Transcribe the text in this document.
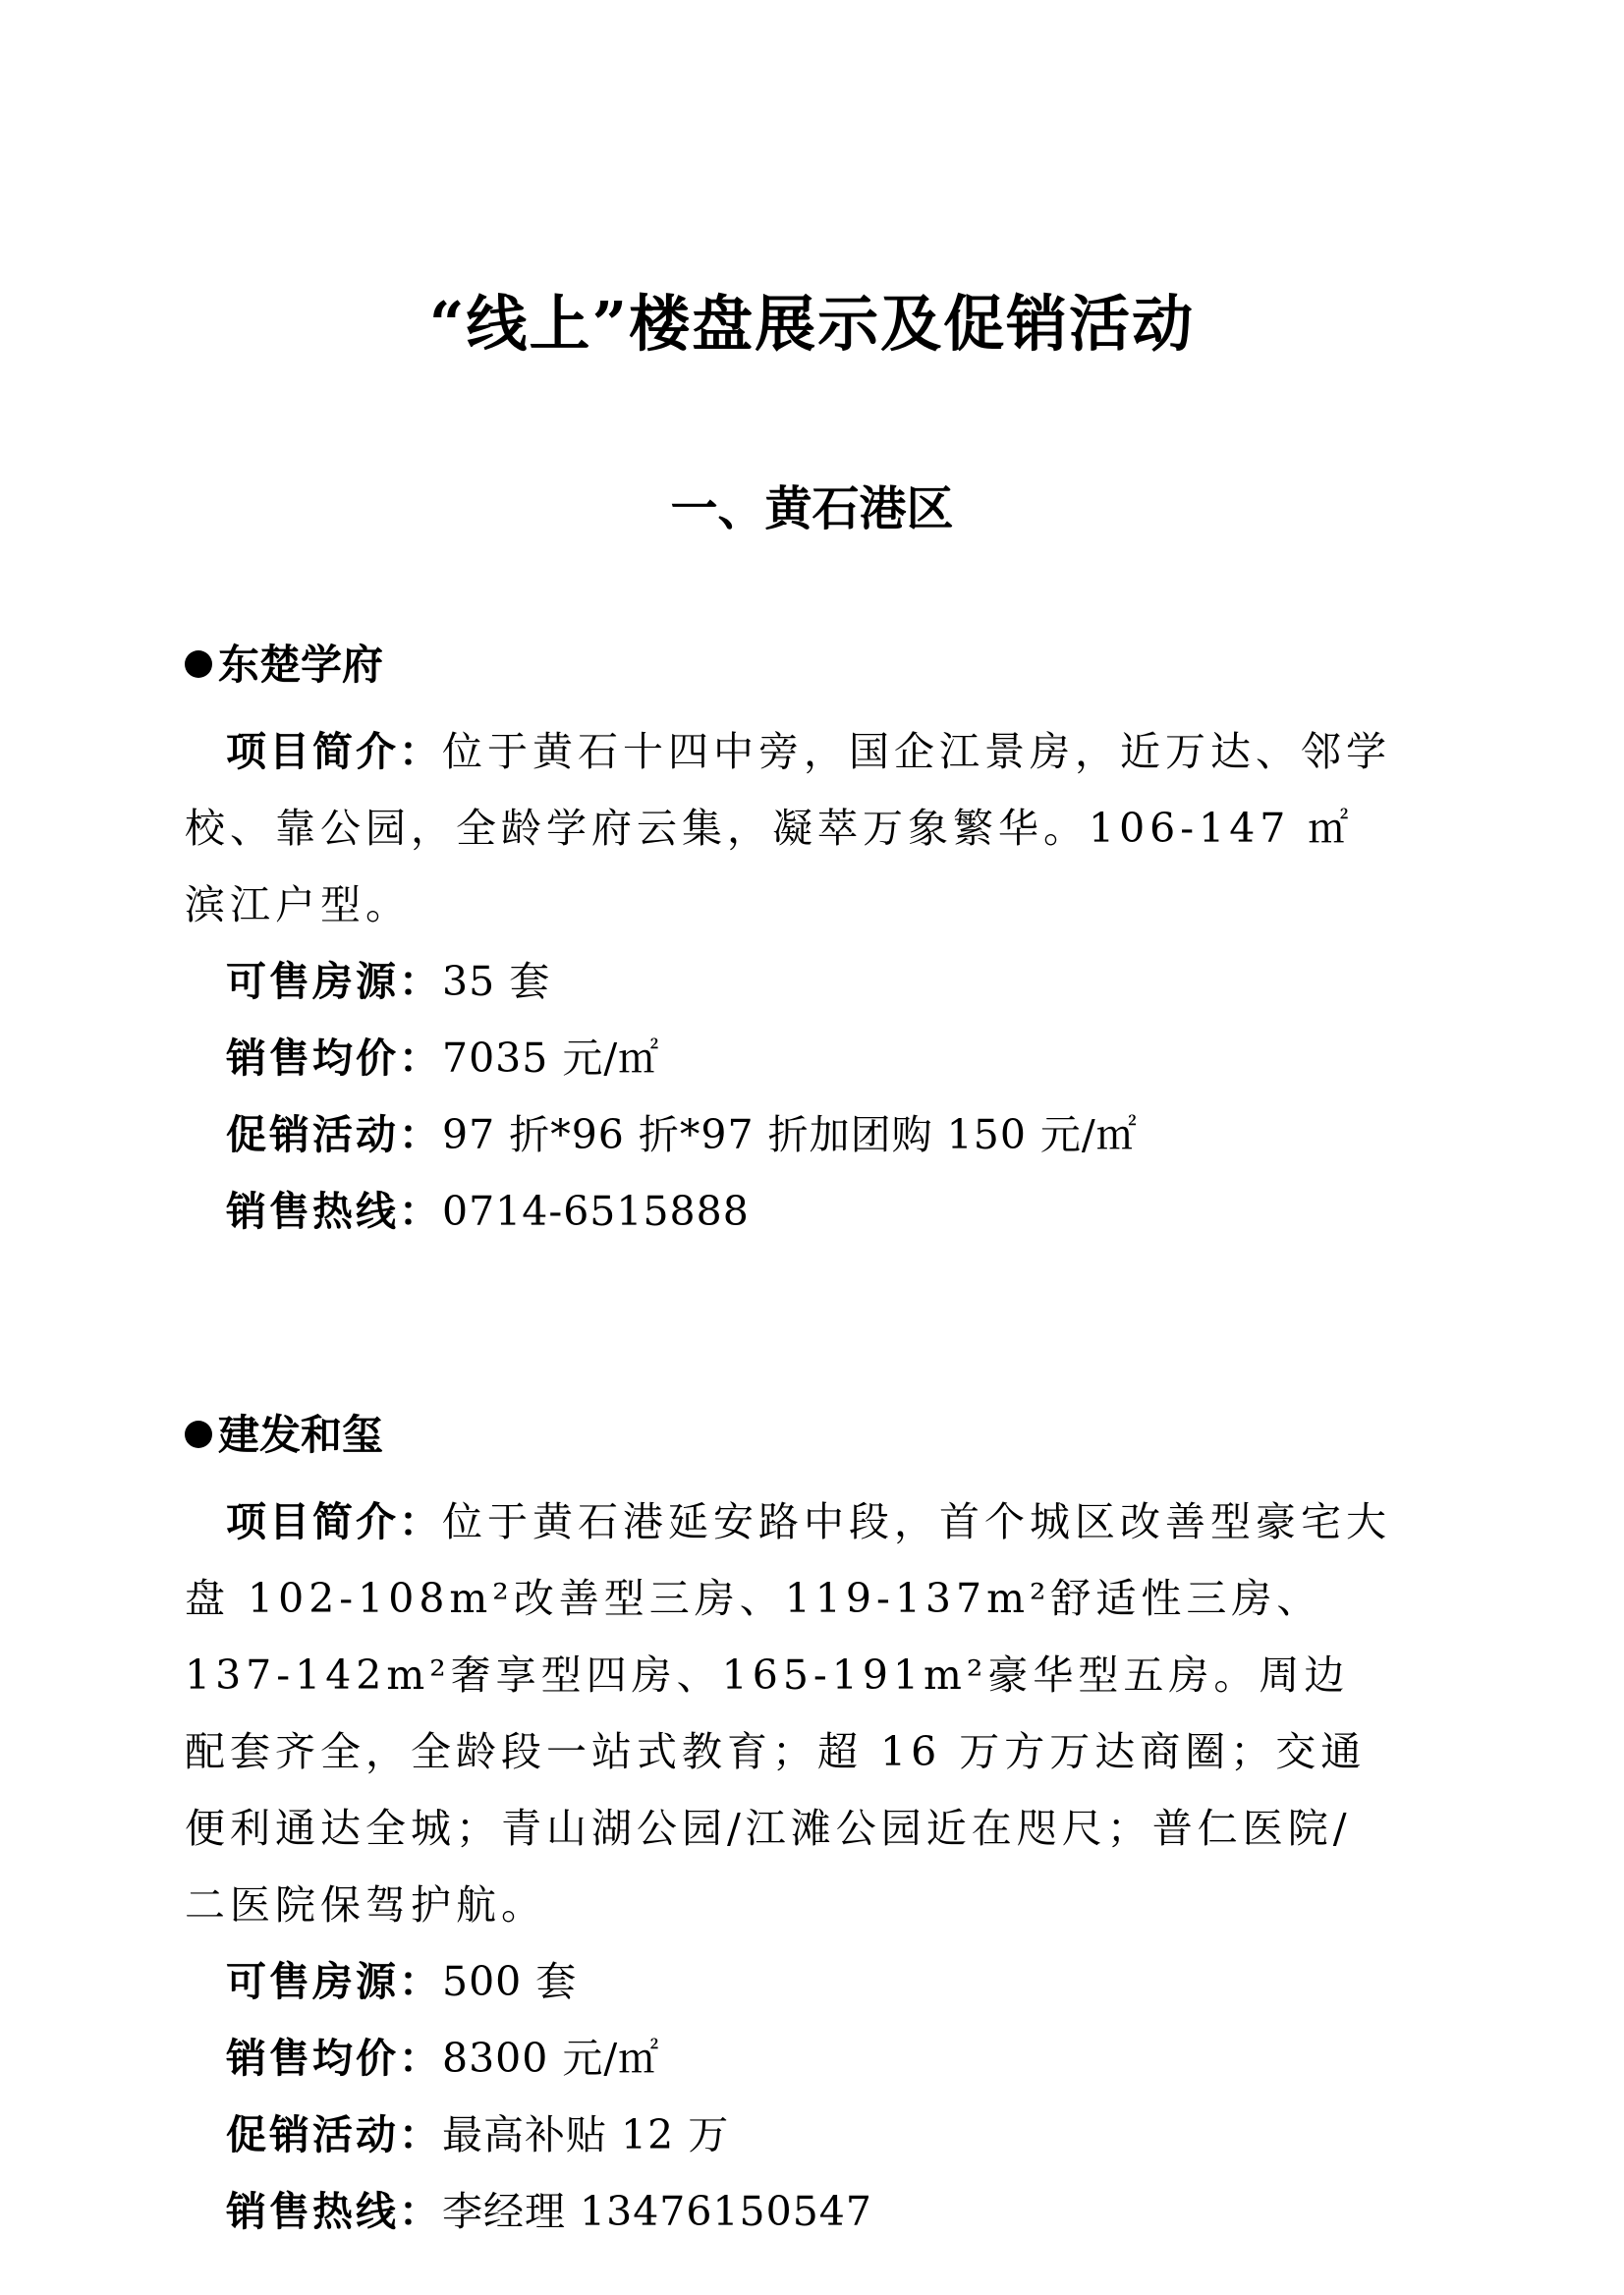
“线上”楼盘展示及促销活动
一、黄石港区
东楚学府

项目简介：位于黄石十四中旁，国企江景房，近万达、邻学校、靠公园，全龄学府云集，凝萃万象繁华。106-147 ㎡滨江户型。

可售房源：35 套

销售均价：7035 元/㎡

促销活动：97 折*96 折*97 折加团购 150 元/㎡

销售热线：0714-6515888

建发和玺

项目简介：位于黄石港延安路中段，首个城区改善型豪宅大盘 102-108m²改善型三房、119-137m²舒适性三房、137-142m²奢享型四房、165-191m²豪华型五房。周边配套齐全，全龄段一站式教育；超 16 万方万达商圈；交通便利通达全城；青山湖公园/江滩公园近在咫尺；普仁医院/二医院保驾护航。

可售房源：500 套

销售均价：8300 元/㎡

促销活动：最高补贴 12 万

销售热线：李经理 13476150547
